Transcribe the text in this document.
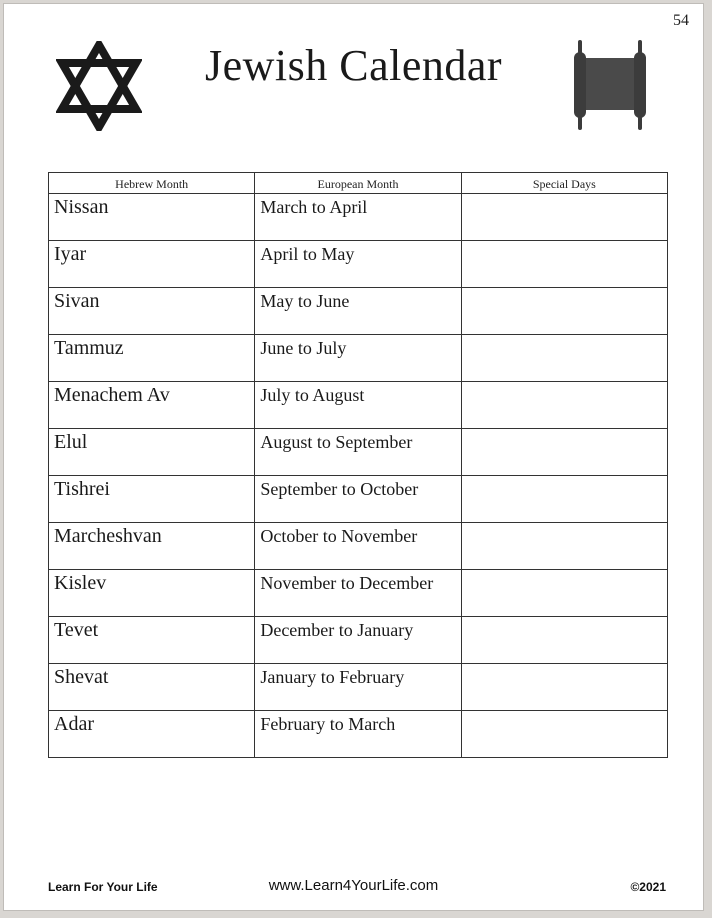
54
Jewish Calendar
Hebrew Month	European Month	Special Days

Nissan	March to April	

Iyar	April to May	

Sivan	May to June	

Tammuz	June to July	

Menachem Av	July to August	

Elul	August to September	

Tishrei	September to October	

Marcheshvan	October to November	

Kislev	November to December	

Tevet	December to January	

Shevat	January to February	

Adar	February to March	

Learn For Your Life	www.Learn4YourLife.com	©2021
